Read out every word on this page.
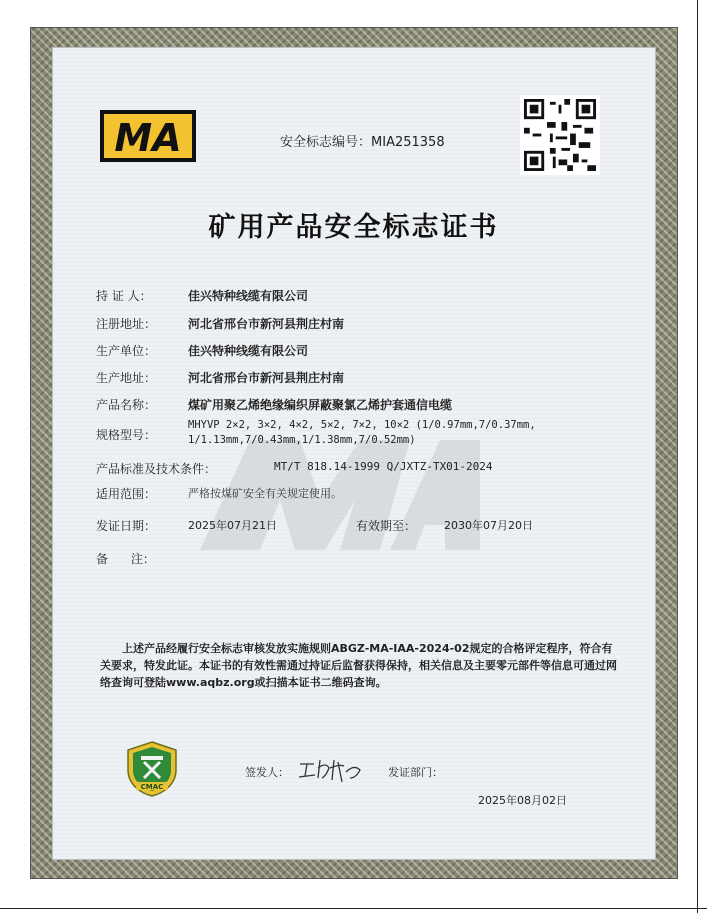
MA	安全标志编号：MIA251358
矿用产品安全标志证书
持 证 人：	佳兴特种线缆有限公司
注册地址：	河北省邢台市新河县荆庄村南
生产单位：	佳兴特种线缆有限公司
生产地址：	河北省邢台市新河县荆庄村南
产品名称：	煤矿用聚乙烯绝缘编织屏蔽聚氯乙烯护套通信电缆
规格型号：
MHYVP 2×2, 3×2, 4×2, 5×2, 7×2, 10×2 (1/0.97mm,7/0.37mm,
1/1.13mm,7/0.43mm,1/1.38mm,7/0.52mm)
产品标准及技术条件：	MT/T 818.14-1999 Q/JXTZ-TX01-2024
适用范围：	严格按煤矿安全有关规定使用。
发证日期：	2025年07月21日	有效期至：	2030年07月20日
备      注：
上述产品经履行安全标志审核发放实施规则ABGZ-MA-IAA-2024-02规定的合格评定程序，符合有关要求，特发此证。本证书的有效性需通过持证后监督获得保持，相关信息及主要零元部件等信息可通过网络查询可登陆www.aqbz.org或扫描本证书二维码查询。
CMAC
签发人：	发证部门：
2025年08月02日
